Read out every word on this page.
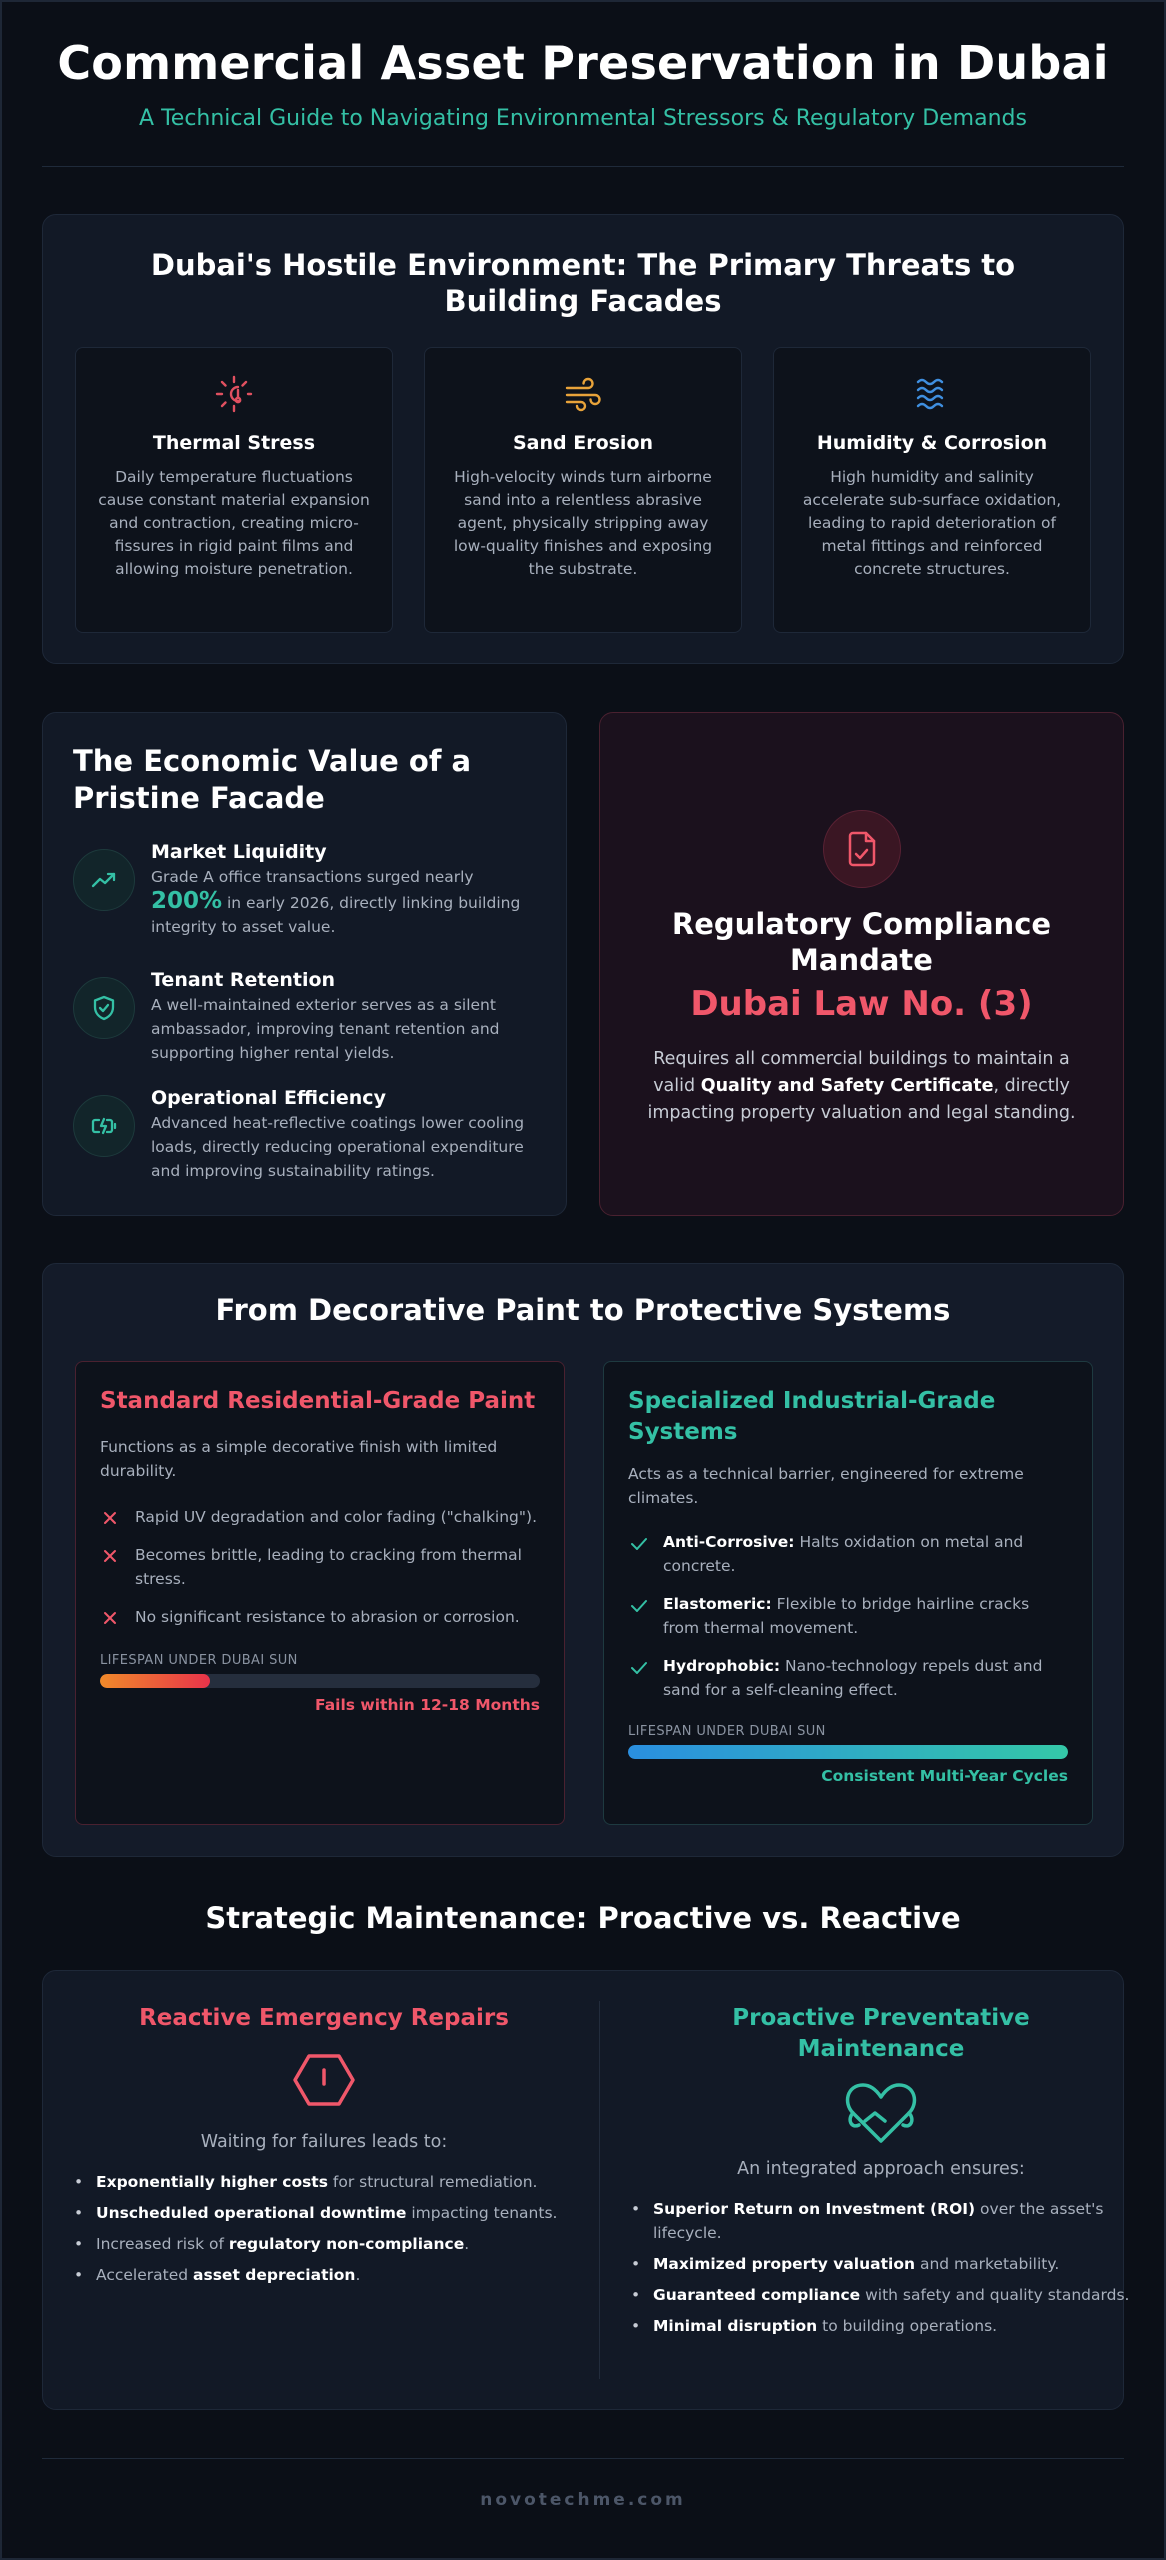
Commercial Asset Preservation in Dubai
A Technical Guide to Navigating Environmental Stressors & Regulatory Demands
Dubai's Hostile Environment: The Primary Threats to Building Facades
Thermal Stress
Daily temperature fluctuations cause constant material expansion and contraction, creating micro-fissures in rigid paint films and allowing moisture penetration.
Sand Erosion
High-velocity winds turn airborne sand into a relentless abrasive agent, physically stripping away low-quality finishes and exposing the substrate.
Humidity & Corrosion
High humidity and salinity accelerate sub-surface oxidation, leading to rapid deterioration of metal fittings and reinforced concrete structures.
The Economic Value of a Pristine Facade
Market Liquidity
Grade A office transactions surged nearly
200% in early 2026, directly linking building integrity to asset value.
Tenant Retention
A well-maintained exterior serves as a silent ambassador, improving tenant retention and supporting higher rental yields.
Operational Efficiency
Advanced heat-reflective coatings lower cooling loads, directly reducing operational expenditure and improving sustainability ratings.
Regulatory Compliance Mandate
Dubai Law No. (3)
Requires all commercial buildings to maintain a valid Quality and Safety Certificate, directly impacting property valuation and legal standing.
From Decorative Paint to Protective Systems
Standard Residential-Grade Paint
Functions as a simple decorative finish with limited durability.
Rapid UV degradation and color fading ("chalking").
Becomes brittle, leading to cracking from thermal stress.
No significant resistance to abrasion or corrosion.
LIFESPAN UNDER DUBAI SUN
Fails within 12-18 Months
Specialized Industrial-Grade Systems
Acts as a technical barrier, engineered for extreme climates.
Anti-Corrosive: Halts oxidation on metal and concrete.
Elastomeric: Flexible to bridge hairline cracks from thermal movement.
Hydrophobic: Nano-technology repels dust and sand for a self-cleaning effect.
LIFESPAN UNDER DUBAI SUN
Consistent Multi-Year Cycles
Strategic Maintenance: Proactive vs. Reactive
Reactive Emergency Repairs
Waiting for failures leads to:
• Exponentially higher costs for structural remediation.
• Unscheduled operational downtime impacting tenants.
• Increased risk of regulatory non-compliance.
• Accelerated asset depreciation.
Proactive Preventative Maintenance
An integrated approach ensures:
• Superior Return on Investment (ROI) over the asset's lifecycle.
• Maximized property valuation and marketability.
• Guaranteed compliance with safety and quality standards.
• Minimal disruption to building operations.
novotechme.com
